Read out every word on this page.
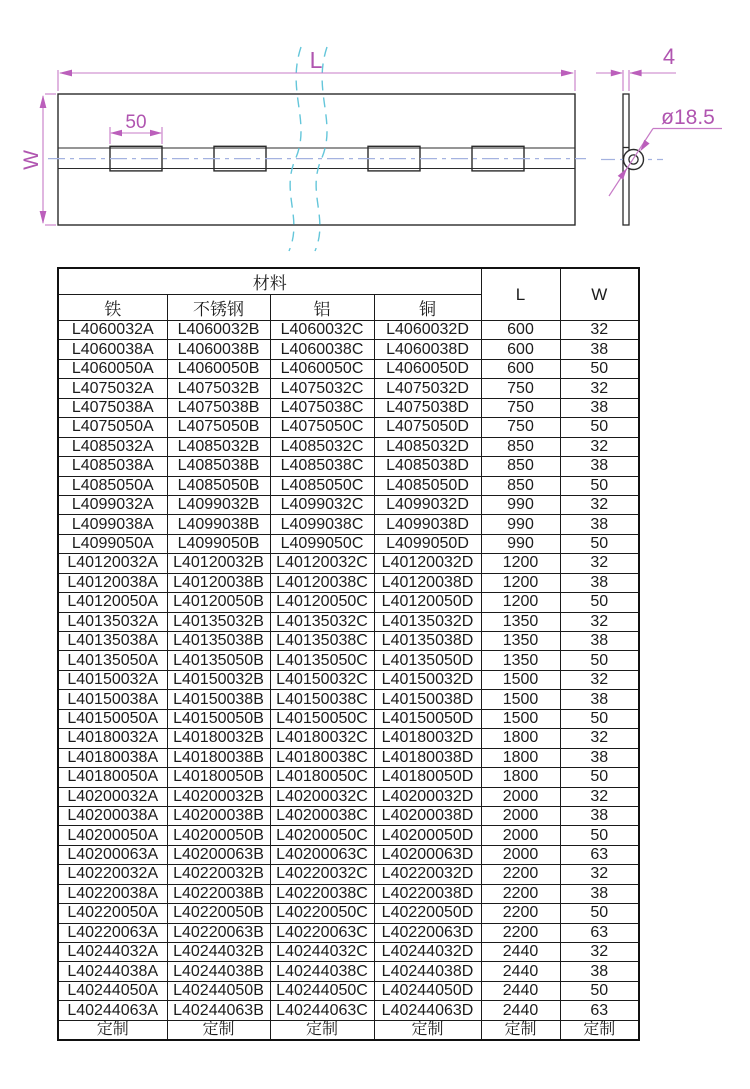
L
W
50
4
ø18.5
材料				L	W
铁	不锈钢	铝	铜		
L4060032A	L4060032B	L4060032C	L4060032D	600	32
L4060038A	L4060038B	L4060038C	L4060038D	600	38
L4060050A	L4060050B	L4060050C	L4060050D	600	50
L4075032A	L4075032B	L4075032C	L4075032D	750	32
L4075038A	L4075038B	L4075038C	L4075038D	750	38
L4075050A	L4075050B	L4075050C	L4075050D	750	50
L4085032A	L4085032B	L4085032C	L4085032D	850	32
L4085038A	L4085038B	L4085038C	L4085038D	850	38
L4085050A	L4085050B	L4085050C	L4085050D	850	50
L4099032A	L4099032B	L4099032C	L4099032D	990	32
L4099038A	L4099038B	L4099038C	L4099038D	990	38
L4099050A	L4099050B	L4099050C	L4099050D	990	50
L40120032A	L40120032B	L40120032C	L40120032D	1200	32
L40120038A	L40120038B	L40120038C	L40120038D	1200	38
L40120050A	L40120050B	L40120050C	L40120050D	1200	50
L40135032A	L40135032B	L40135032C	L40135032D	1350	32
L40135038A	L40135038B	L40135038C	L40135038D	1350	38
L40135050A	L40135050B	L40135050C	L40135050D	1350	50
L40150032A	L40150032B	L40150032C	L40150032D	1500	32
L40150038A	L40150038B	L40150038C	L40150038D	1500	38
L40150050A	L40150050B	L40150050C	L40150050D	1500	50
L40180032A	L40180032B	L40180032C	L40180032D	1800	32
L40180038A	L40180038B	L40180038C	L40180038D	1800	38
L40180050A	L40180050B	L40180050C	L40180050D	1800	50
L40200032A	L40200032B	L40200032C	L40200032D	2000	32
L40200038A	L40200038B	L40200038C	L40200038D	2000	38
L40200050A	L40200050B	L40200050C	L40200050D	2000	50
L40200063A	L40200063B	L40200063C	L40200063D	2000	63
L40220032A	L40220032B	L40220032C	L40220032D	2200	32
L40220038A	L40220038B	L40220038C	L40220038D	2200	38
L40220050A	L40220050B	L40220050C	L40220050D	2200	50
L40220063A	L40220063B	L40220063C	L40220063D	2200	63
L40244032A	L40244032B	L40244032C	L40244032D	2440	32
L40244038A	L40244038B	L40244038C	L40244038D	2440	38
L40244050A	L40244050B	L40244050C	L40244050D	2440	50
L40244063A	L40244063B	L40244063C	L40244063D	2440	63
定制	定制	定制	定制	定制	定制
